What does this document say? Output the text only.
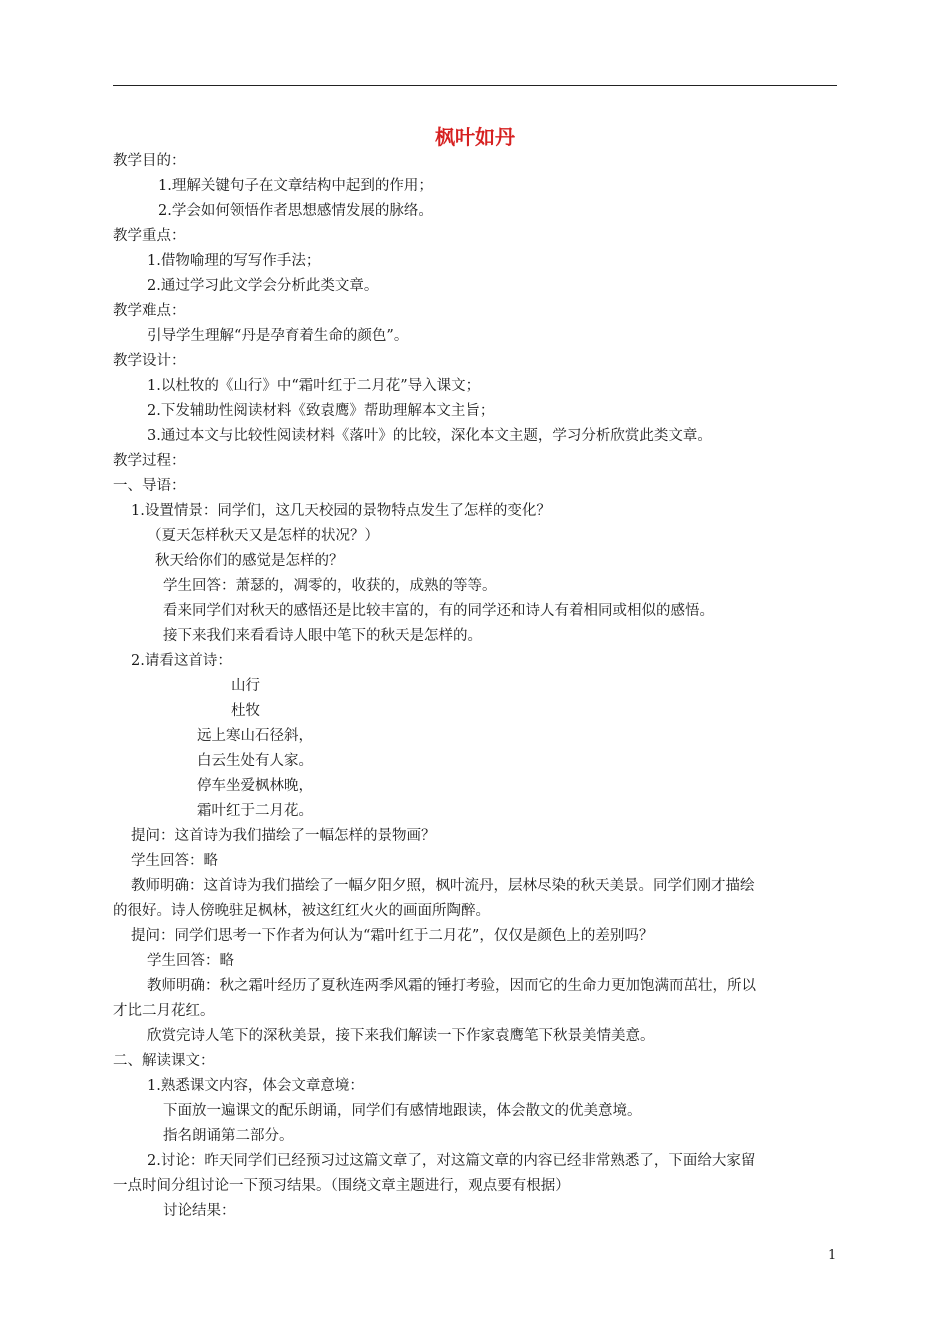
枫叶如丹
教学目的：
1.理解关键句子在文章结构中起到的作用；
2.学会如何领悟作者思想感情发展的脉络。
教学重点：
1.借物喻理的写写作手法；
2.通过学习此文学会分析此类文章。
教学难点：
引导学生理解“丹是孕育着生命的颜色”。
教学设计：
1.以杜牧的《山行》中“霜叶红于二月花”导入课文；
2.下发辅助性阅读材料《致袁鹰》帮助理解本文主旨；
3.通过本文与比较性阅读材料《落叶》的比较，深化本文主题，学习分析欣赏此类文章。
教学过程：
一、导语：
1.设置情景：同学们，这几天校园的景物特点发生了怎样的变化？
（夏天怎样秋天又是怎样的状况？）
秋天给你们的感觉是怎样的？
学生回答：萧瑟的，凋零的，收获的，成熟的等等。
看来同学们对秋天的感悟还是比较丰富的，有的同学还和诗人有着相同或相似的感悟。
接下来我们来看看诗人眼中笔下的秋天是怎样的。
2.请看这首诗：
山行
杜牧
远上寒山石径斜，
白云生处有人家。
停车坐爱枫林晚，
霜叶红于二月花。
提问：这首诗为我们描绘了一幅怎样的景物画？
学生回答：略
教师明确：这首诗为我们描绘了一幅夕阳夕照，枫叶流丹，层林尽染的秋天美景。同学们刚才描绘
的很好。诗人傍晚驻足枫林，被这红红火火的画面所陶醉。
提问：同学们思考一下作者为何认为“霜叶红于二月花”，仅仅是颜色上的差别吗？
学生回答：略
教师明确：秋之霜叶经历了夏秋连两季风霜的锤打考验，因而它的生命力更加饱满而茁壮，所以
才比二月花红。
欣赏完诗人笔下的深秋美景，接下来我们解读一下作家袁鹰笔下秋景美情美意。
二、解读课文：
1.熟悉课文内容，体会文章意境：
下面放一遍课文的配乐朗诵，同学们有感情地跟读，体会散文的优美意境。
指名朗诵第二部分。
2.讨论：昨天同学们已经预习过这篇文章了，对这篇文章的内容已经非常熟悉了，下面给大家留
一点时间分组讨论一下预习结果。（围绕文章主题进行，观点要有根据）
讨论结果：
1
